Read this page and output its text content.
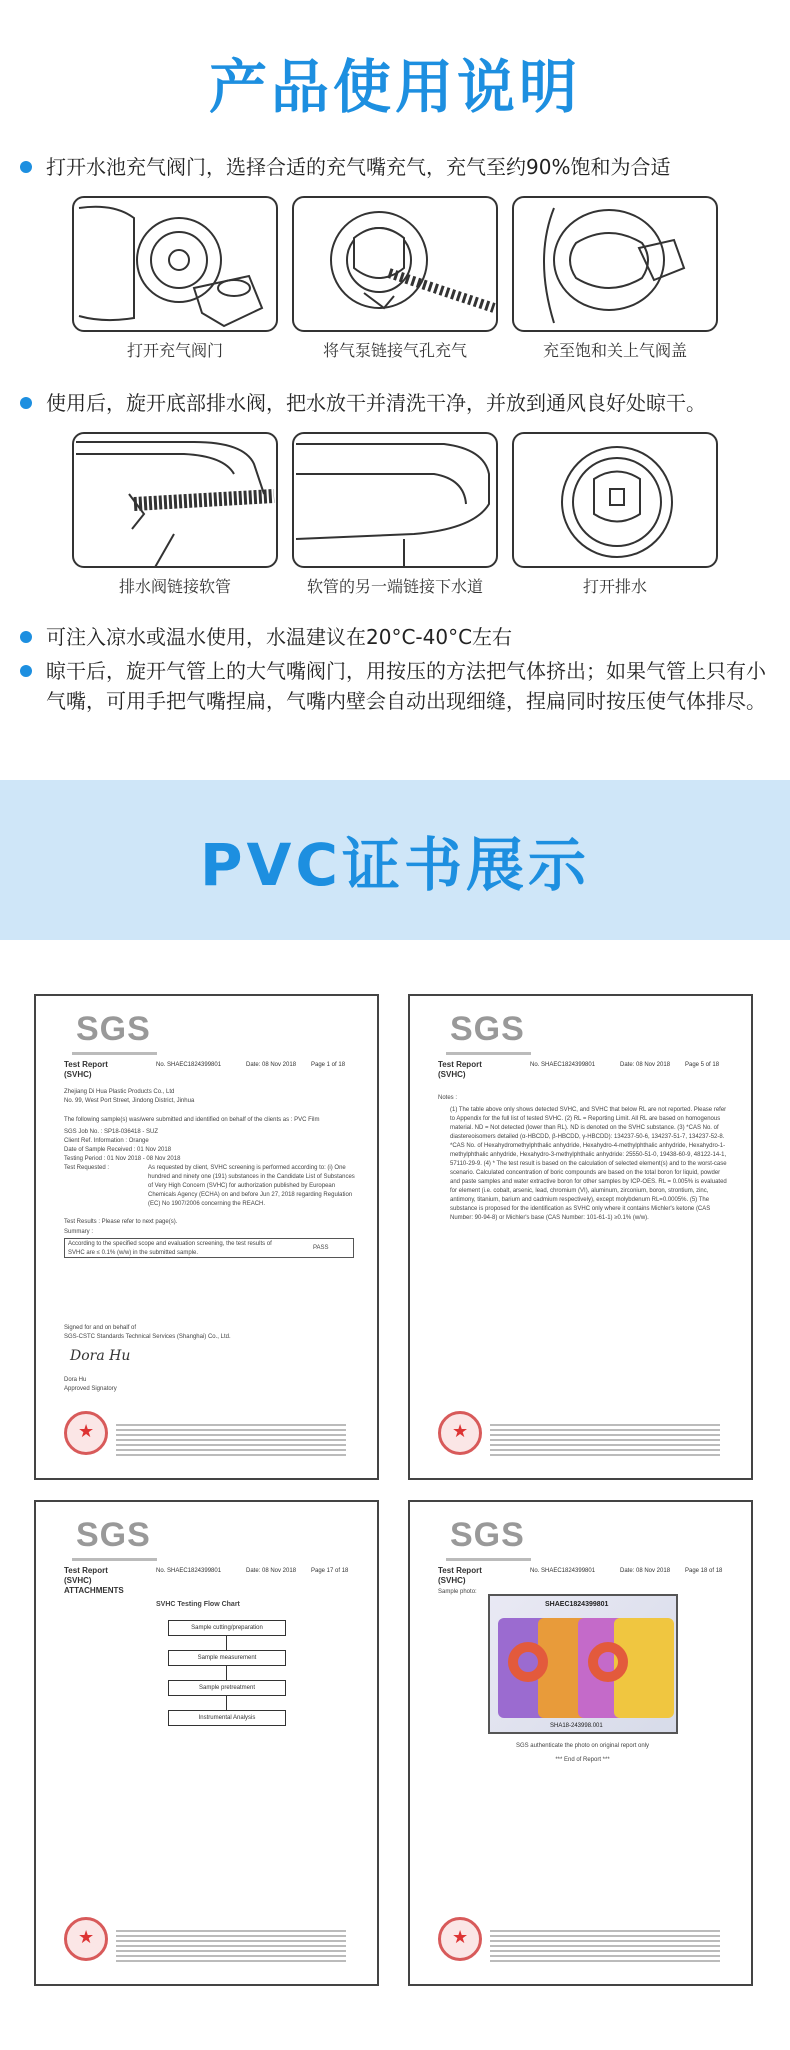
产品使用说明
打开水池充气阀门，选择合适的充气嘴充气，充气至约90%饱和为合适
打开充气阀门	将气泵链接气孔充气	充至饱和关上气阀盖
使用后，旋开底部排水阀，把水放干并清洗干净，并放到通风良好处晾干。
排水阀链接软管	软管的另一端链接下水道	打开排水
可注入凉水或温水使用，水温建议在20°C-40°C左右
晾干后，旋开气管上的大气嘴阀门，用按压的方法把气体挤出；如果气管上只有小气嘴，可用手把气嘴捏扁，气嘴内壁会自动出现细缝，捏扁同时按压使气体排尽。
PVC证书展示
SGS
Test Report
(SVHC)
No. SHAEC1824399801	Date: 08 Nov 2018 Page 1 of 18
Zhejiang Di Hua Plastic Products Co., Ltd
No. 99, West Port Street, Jindong District, Jinhua
The following sample(s) was/were submitted and identified on behalf of the clients as : PVC Film
SGS Job No. : SP18-036418 - SUZ
Client Ref. Information : Orange
Date of Sample Received : 01 Nov 2018
Testing Period : 01 Nov 2018 - 08 Nov 2018
Test Requested :	As requested by client, SVHC screening is performed according to: (i) One hundred and ninety one (191) substances in the Candidate List of Substances of Very High Concern (SVHC) for authorization published by European Chemicals Agency (ECHA) on and before Jun 27, 2018 regarding Regulation (EC) No 1907/2006 concerning the REACH.
Test Results : Please refer to next page(s).
Summary :
According to the specified scope and evaluation screening, the test results of SVHC are ≤ 0.1% (w/w) in the submitted sample.
PASS
Signed for and on behalf of
SGS-CSTC Standards Technical Services (Shanghai) Co., Ltd.
Dora Hu
Dora Hu
Approved Signatory
★
SGS
Test Report
(SVHC)
No. SHAEC1824399801	Date: 08 Nov 2018 Page 5 of 18
Notes :
(1) The table above only shows detected SVHC, and SVHC that below RL are not reported. Please refer to Appendix for the full list of tested SVHC. (2) RL = Reporting Limit. All RL are based on homogenous material. ND = Not detected (lower than RL). ND is denoted on the SVHC substance. (3) *CAS No. of diastereoisomers detailed (α-HBCDD, β-HBCDD, γ-HBCDD): 134237-50-6, 134237-51-7, 134237-52-8. *CAS No. of Hexahydromethylphthalic anhydride, Hexahydro-4-methylphthalic anhydride, Hexahydro-1-methylphthalic anhydride, Hexahydro-3-methylphthalic anhydride: 25550-51-0, 19438-60-9, 48122-14-1, 57110-29-9. (4) * The test result is based on the calculation of selected element(s) and to the worst-case scenario. Calculated concentration of boric compounds are based on the total boron for liquid, powder and paste samples and water extractive boron for other samples by ICP-OES. RL = 0.005% is evaluated for element (i.e. cobalt, arsenic, lead, chromium (VI), aluminum, zirconium, boron, strontium, zinc, antimony, titanium, barium and cadmium respectively), except molybdenum RL=0.0005%. (5) The substance is proposed for the identification as SVHC only where it contains Michler's ketone (CAS Number: 90-94-8) or Michler's base (CAS Number: 101-61-1) ≥0.1% (w/w).
★
SGS
Test Report
(SVHC)
ATTACHMENTS
No. SHAEC1824399801	Date: 08 Nov 2018 Page 17 of 18
SVHC Testing Flow Chart
Sample cutting/preparation
Sample measurement
Sample pretreatment
Instrumental Analysis
★
SGS
Test Report
(SVHC)
No. SHAEC1824399801	Date: 08 Nov 2018 Page 18 of 18
Sample photo:
SHAEC1824399801
SHA18-243998.001
SGS authenticate the photo on original report only
*** End of Report ***
★
